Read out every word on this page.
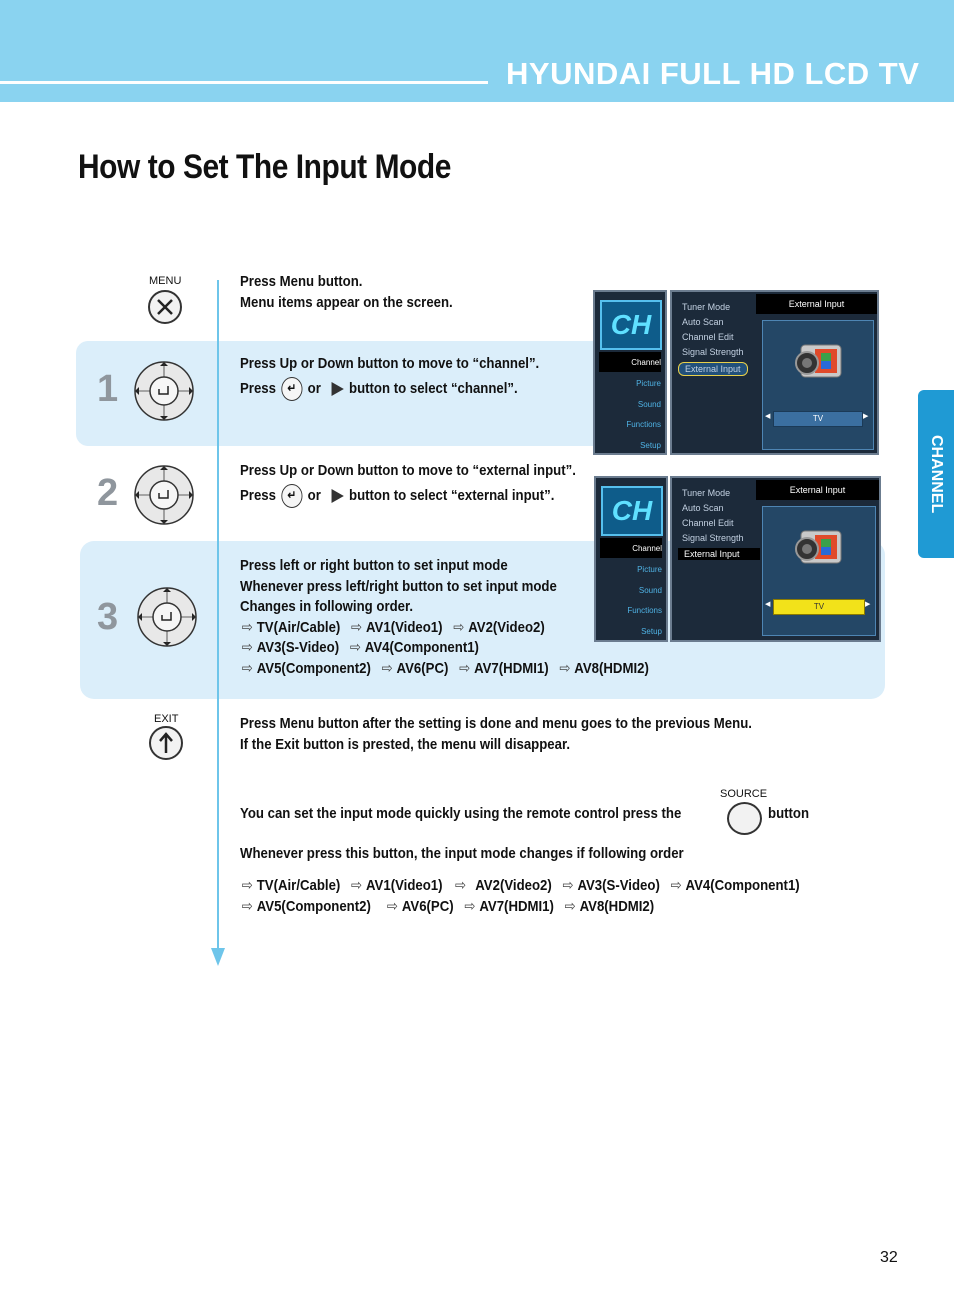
HYUNDAI FULL HD LCD TV
How to Set The Input Mode
MENU
1
2
3
EXIT
Press Menu button.
Menu items appear on the screen.
Press Up or Down button to move to “channel”.
Press ↵ or button to select “channel”.
Press Up or Down button to move to “external input”.
Press ↵ or button to select “external input”.
Press left or right button to set input mode
Whenever press left/right button to set input mode
Changes in following order.
⇨ TV(Air/Cable) ⇨ AV1(Video1) ⇨ AV2(Video2)
⇨ AV3(S-Video) ⇨ AV4(Component1)
⇨ AV5(Component2) ⇨ AV6(PC) ⇨ AV7(HDMI1) ⇨ AV8(HDMI2)
Press Menu button after the setting is done and menu goes to the previous Menu.
If the Exit button is prested, the menu will disappear.
SOURCE
You can set the input mode quickly using the remote control press the	button
Whenever press this button, the input mode changes if following order
⇨ TV(Air/Cable) ⇨ AV1(Video1) ⇨ AV2(Video2) ⇨ AV3(S-Video) ⇨ AV4(Component1)
⇨ AV5(Component2) ⇨ AV6(PC) ⇨ AV7(HDMI1) ⇨ AV8(HDMI2)
CH
Channel
Picture
Sound
Functions
Setup
Tuner Mode
Auto Scan
Channel Edit
Signal Strength
External Input
External Input
TV
◀	▶
CH
Channel
Picture
Sound
Functions
Setup
Tuner Mode
Auto Scan
Channel Edit
Signal Strength
External Input
External Input
TV
◀	▶
CHANNEL
32
